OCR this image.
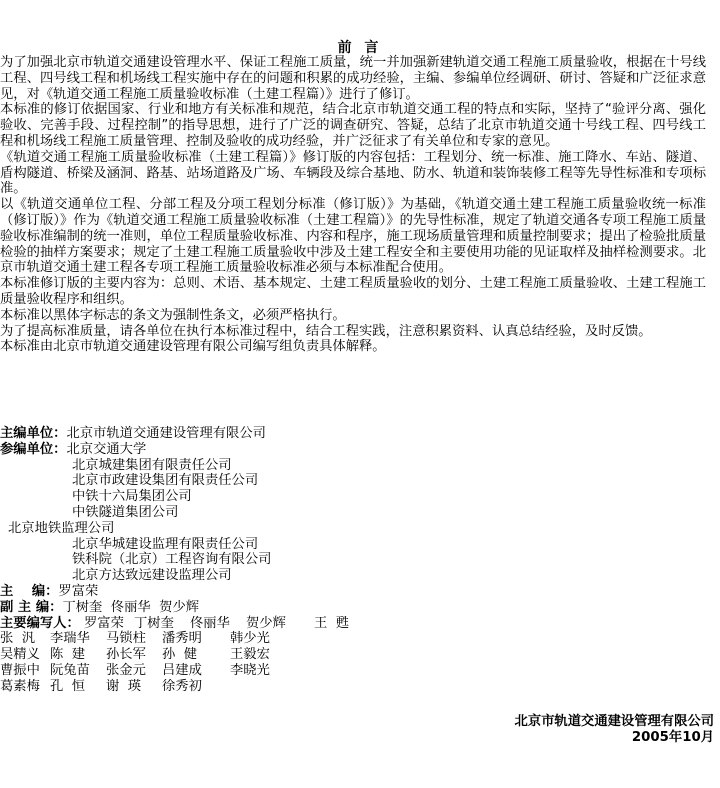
前 言

为了加强北京市轨道交通建设管理水平、保证工程施工质量，统一并加强新建轨道交通工程施工质量验收，根据在十号线工程、四号线工程和机场线工程实施中存在的问题和积累的成功经验，主编、参编单位经调研、研讨、答疑和广泛征求意见，对《轨道交通工程施工质量验收标准（土建工程篇）》进行了修订。

本标准的修订依据国家、行业和地方有关标准和规范，结合北京市轨道交通工程的特点和实际，坚持了“验评分离、强化验收、完善手段、过程控制”的指导思想，进行了广泛的调查研究、答疑，总结了北京市轨道交通十号线工程、四号线工程和机场线工程施工质量管理、控制及验收的成功经验，并广泛征求了有关单位和专家的意见。

《轨道交通工程施工质量验收标准（土建工程篇）》修订版的内容包括：工程划分、统一标准、施工降水、车站、隧道、盾构隧道、桥梁及涵洞、路基、站场道路及广场、车辆段及综合基地、防水、轨道和装饰装修工程等先导性标准和专项标准。

以《轨道交通单位工程、分部工程及分项工程划分标准（修订版）》为基础，《轨道交通土建工程施工质量验收统一标准（修订版）》作为《轨道交通工程施工质量验收标准（土建工程篇）》的先导性标准，规定了轨道交通各专项工程施工质量验收标准编制的统一准则，单位工程质量验收标准、内容和程序，施工现场质量管理和质量控制要求；提出了检验批质量检验的抽样方案要求；规定了土建工程施工质量验收中涉及土建工程安全和主要使用功能的见证取样及抽样检测要求。北京市轨道交通土建工程各专项工程施工质量验收标准必须与本标准配合使用。

本标准修订版的主要内容为：总则、术语、基本规定、土建工程质量验收的划分、土建工程施工质量验收、土建工程施工质量验收程序和组织。

本标准以黑体字标志的条文为强制性条文，必须严格执行。

为了提高标准质量，请各单位在执行本标准过程中，结合工程实践，注意积累资料、认真总结经验，及时反馈。

本标准由北京市轨道交通建设管理有限公司编写组负责具体解释。

主编单位：北京市轨道交通建设管理有限公司
参编单位：北京交通大学
北京城建集团有限责任公司
北京市政建设集团有限责任公司
中铁十六局集团公司
中铁隧道集团公司
北京地铁监理公司
北京华城建设监理有限责任公司
铁科院（北京）工程咨询有限公司
北京方达致远建设监理公司
主    编：罗富荣
副 主 编：丁树奎  佟丽华  贺少辉
主要编写人： 罗富荣 丁树奎 佟丽华 贺少辉 王  甦
张  汎 李瑞华 马锁柱 潘秀明 韩少光
吴精义 陈  建 孙长军 孙  健 王毅宏
曹振中 阮兔苗 张金元 吕建成 李晓光
葛素梅 孔  恒 谢  瑛 徐秀初
北京市轨道交通建设管理有限公司
2005年10月
